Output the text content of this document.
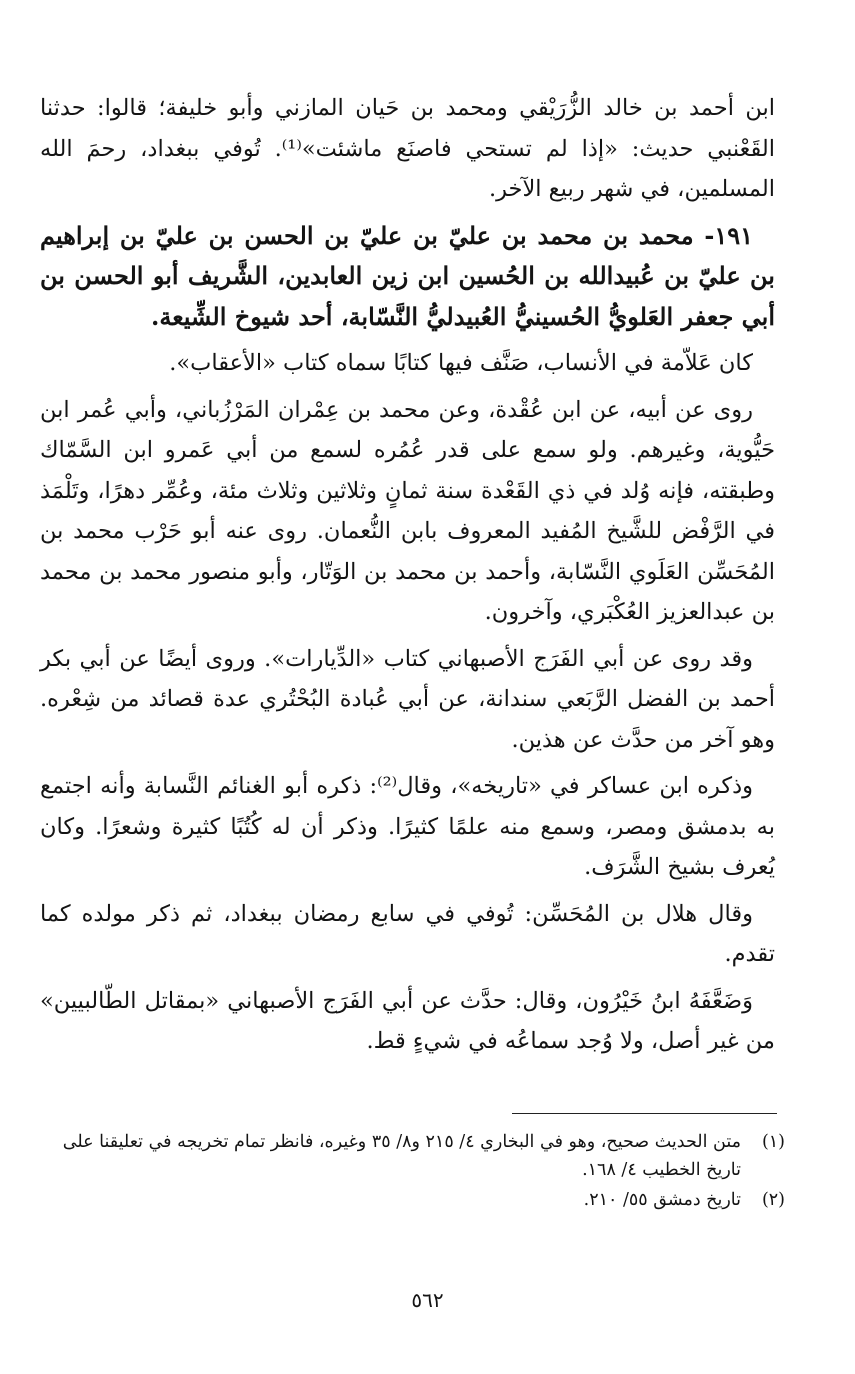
ابن أحمد بن خالد الزُّرَيْقي ومحمد بن حَيان المازني وأبو خليفة؛ قالوا: حدثنا القَعْنبي حديث: «إذا لم تستحي فاصنَع ماشئت»⁽¹⁾. تُوفي ببغداد، رحمَ الله المسلمين، في شهر ربيع الآخر.

١٩١- محمد بن محمد بن عليّ بن عليّ بن الحسن بن عليّ بن إبراهيم بن عليّ بن عُبيدالله بن الحُسين ابن زين العابدين، الشَّريف أبو الحسن بن أبي جعفر العَلويُّ الحُسينيُّ العُبيدليُّ النَّسّابة، أحد شيوخ الشِّيعة.

كان عَلاّمة في الأنساب، صَنَّف فيها كتابًا سماه كتاب «الأعقاب».

روى عن أبيه، عن ابن عُقْدة، وعن محمد بن عِمْران المَرْزُباني، وأبي عُمر ابن حَيُّوية، وغيرهم. ولو سمع على قدر عُمُره لسمع من أبي عَمرو ابن السَّمّاك وطبقته، فإنه وُلد في ذي القَعْدة سنة ثمانٍ وثلاثين وثلاث مئة، وعُمِّر دهرًا، وتَلْمَذ في الرَّفْض للشَّيخ المُفيد المعروف بابن النُّعمان. روى عنه أبو حَرْب محمد بن المُحَسِّن العَلَوي النَّسّابة، وأحمد بن محمد بن الوَتّار، وأبو منصور محمد بن محمد بن عبدالعزيز العُكْبَري، وآخرون.

وقد روى عن أبي الفَرَج الأصبهاني كتاب «الدِّيارات». وروى أيضًا عن أبي بكر أحمد بن الفضل الرَّبَعي سندانة، عن أبي عُبادة البُحْتُري عدة قصائد من شِعْره. وهو آخر من حدَّث عن هذين.

وذكره ابن عساكر في «تاريخه»، وقال⁽²⁾: ذكره أبو الغنائم النَّسابة وأنه اجتمع به بدمشق ومصر، وسمع منه علمًا كثيرًا. وذكر أن له كُتُبًا كثيرة وشعرًا. وكان يُعرف بشيخ الشَّرَف.

وقال هلال بن المُحَسِّن: تُوفي في سابع رمضان ببغداد، ثم ذكر مولده كما تقدم.

وَضَعَّفَهُ ابنُ خَيْرُون، وقال: حدَّث عن أبي الفَرَج الأصبهاني «بمقاتل الطّالبيين» من غير أصل، ولا وُجد سماعُه في شيءٍ قط.

(١)
متن الحديث صحيح، وهو في البخاري ٤/ ٢١٥ و٨/ ٣٥ وغيره، فانظر تمام تخريجه في تعليقنا على تاريخ الخطيب ٤/ ١٦٨.
(٢)
تاريخ دمشق ٥٥/ ٢١٠.
٥٦٢
